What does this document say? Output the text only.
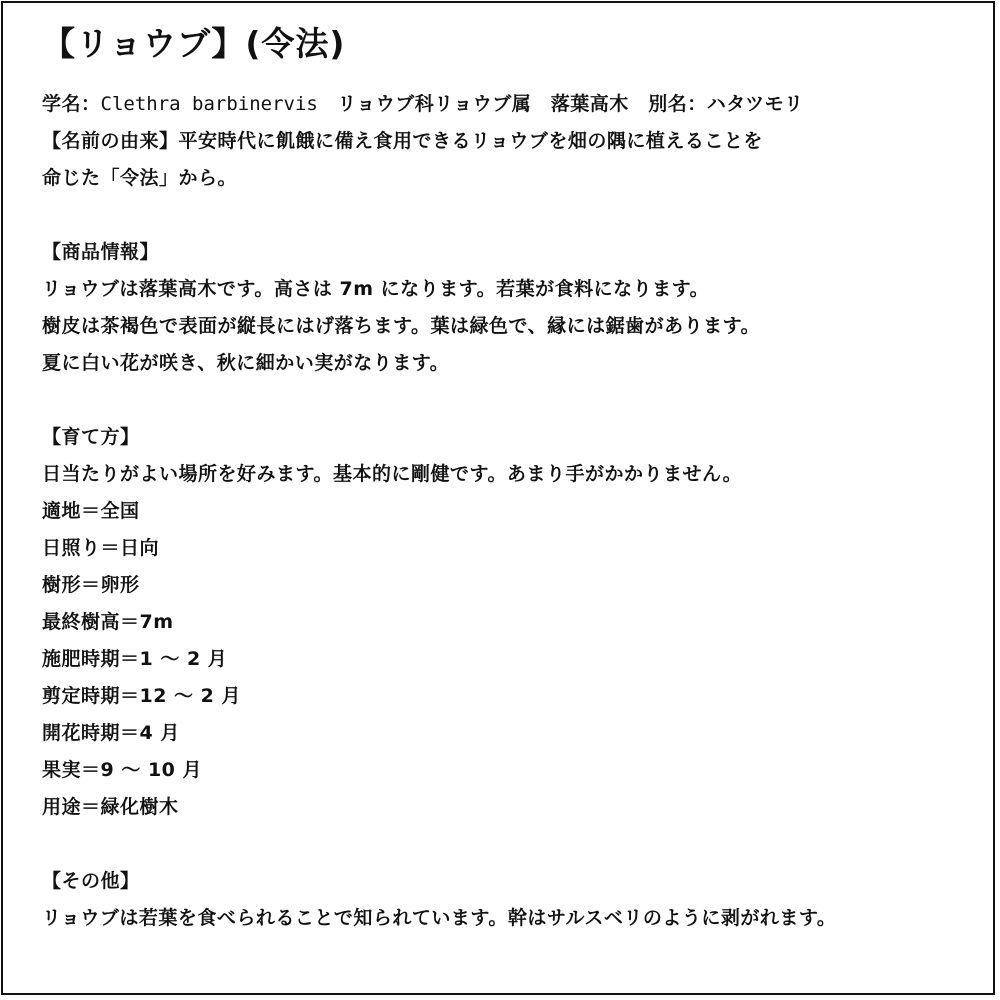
【リョウブ】(令法)
学名：Clethra barbinervis　リョウブ科リョウブ属　落葉高木　別名：ハタツモリ
【名前の由来】平安時代に飢餓に備え食用できるリョウブを畑の隅に植えることを
命じた「令法」から。
【商品情報】
リョウブは落葉高木です。高さは 7m になります。若葉が食料になります。
樹皮は茶褐色で表面が縦長にはげ落ちます。葉は緑色で、縁には鋸歯があります。
夏に白い花が咲き、秋に細かい実がなります。
【育て方】
日当たりがよい場所を好みます。基本的に剛健です。あまり手がかかりません。
適地＝全国
日照り＝日向
樹形＝卵形
最終樹高＝7m
施肥時期＝1 ～ 2 月
剪定時期＝12 ～ 2 月
開花時期＝4 月
果実＝9 ～ 10 月
用途＝緑化樹木
【その他】
リョウブは若葉を食べられることで知られています。幹はサルスベリのように剥がれます。
